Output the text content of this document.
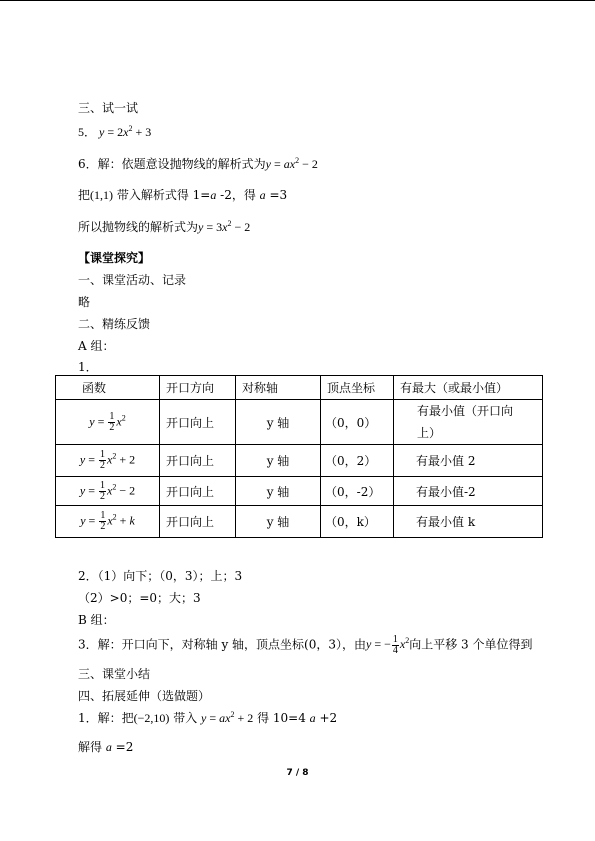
三、试一试
5． $y = 2x^2 + 3$
6．解：依题意设抛物线的解析式为$y = ax^2 - 2$
把(1,1) 带入解析式得 1=a -2，得 a =3
所以抛物线的解析式为$y = 3x^2 - 2$
【课堂探究】
一、课堂活动、记录
略
二、精练反馈
A 组：
1．
函数	开口方向	对称轴	顶点坐标	有最大（或最小值）
$y = \frac{1}{2} x^2$	开口向上	y 轴	（0，0）	有最小值（开口向上）

$y = \frac{1}{2} x^2 + 2$	开口向上	y 轴	（0，2）	有最小值 2
$y = \frac{1}{2} x^2 - 2$	开口向上	y 轴	（0，-2）	有最小值-2
$y = \frac{1}{2} x^2 + k$	开口向上	y 轴	（0，k）	有最小值 k
2．（1）向下；（0，3）；上；3
（2）>0；=0；大；3
B 组：
3．解：开口向下，对称轴 y 轴，顶点坐标(0，3），由y = − $\frac{1}{4} x^2$向上平移 3 个单位得到
三、课堂小结
四、拓展延伸（选做题）
1．解：把(−2,10) 带入 $y = ax^2 + 2$ 得 10=4 a +2
解得 a =2
7 / 8
